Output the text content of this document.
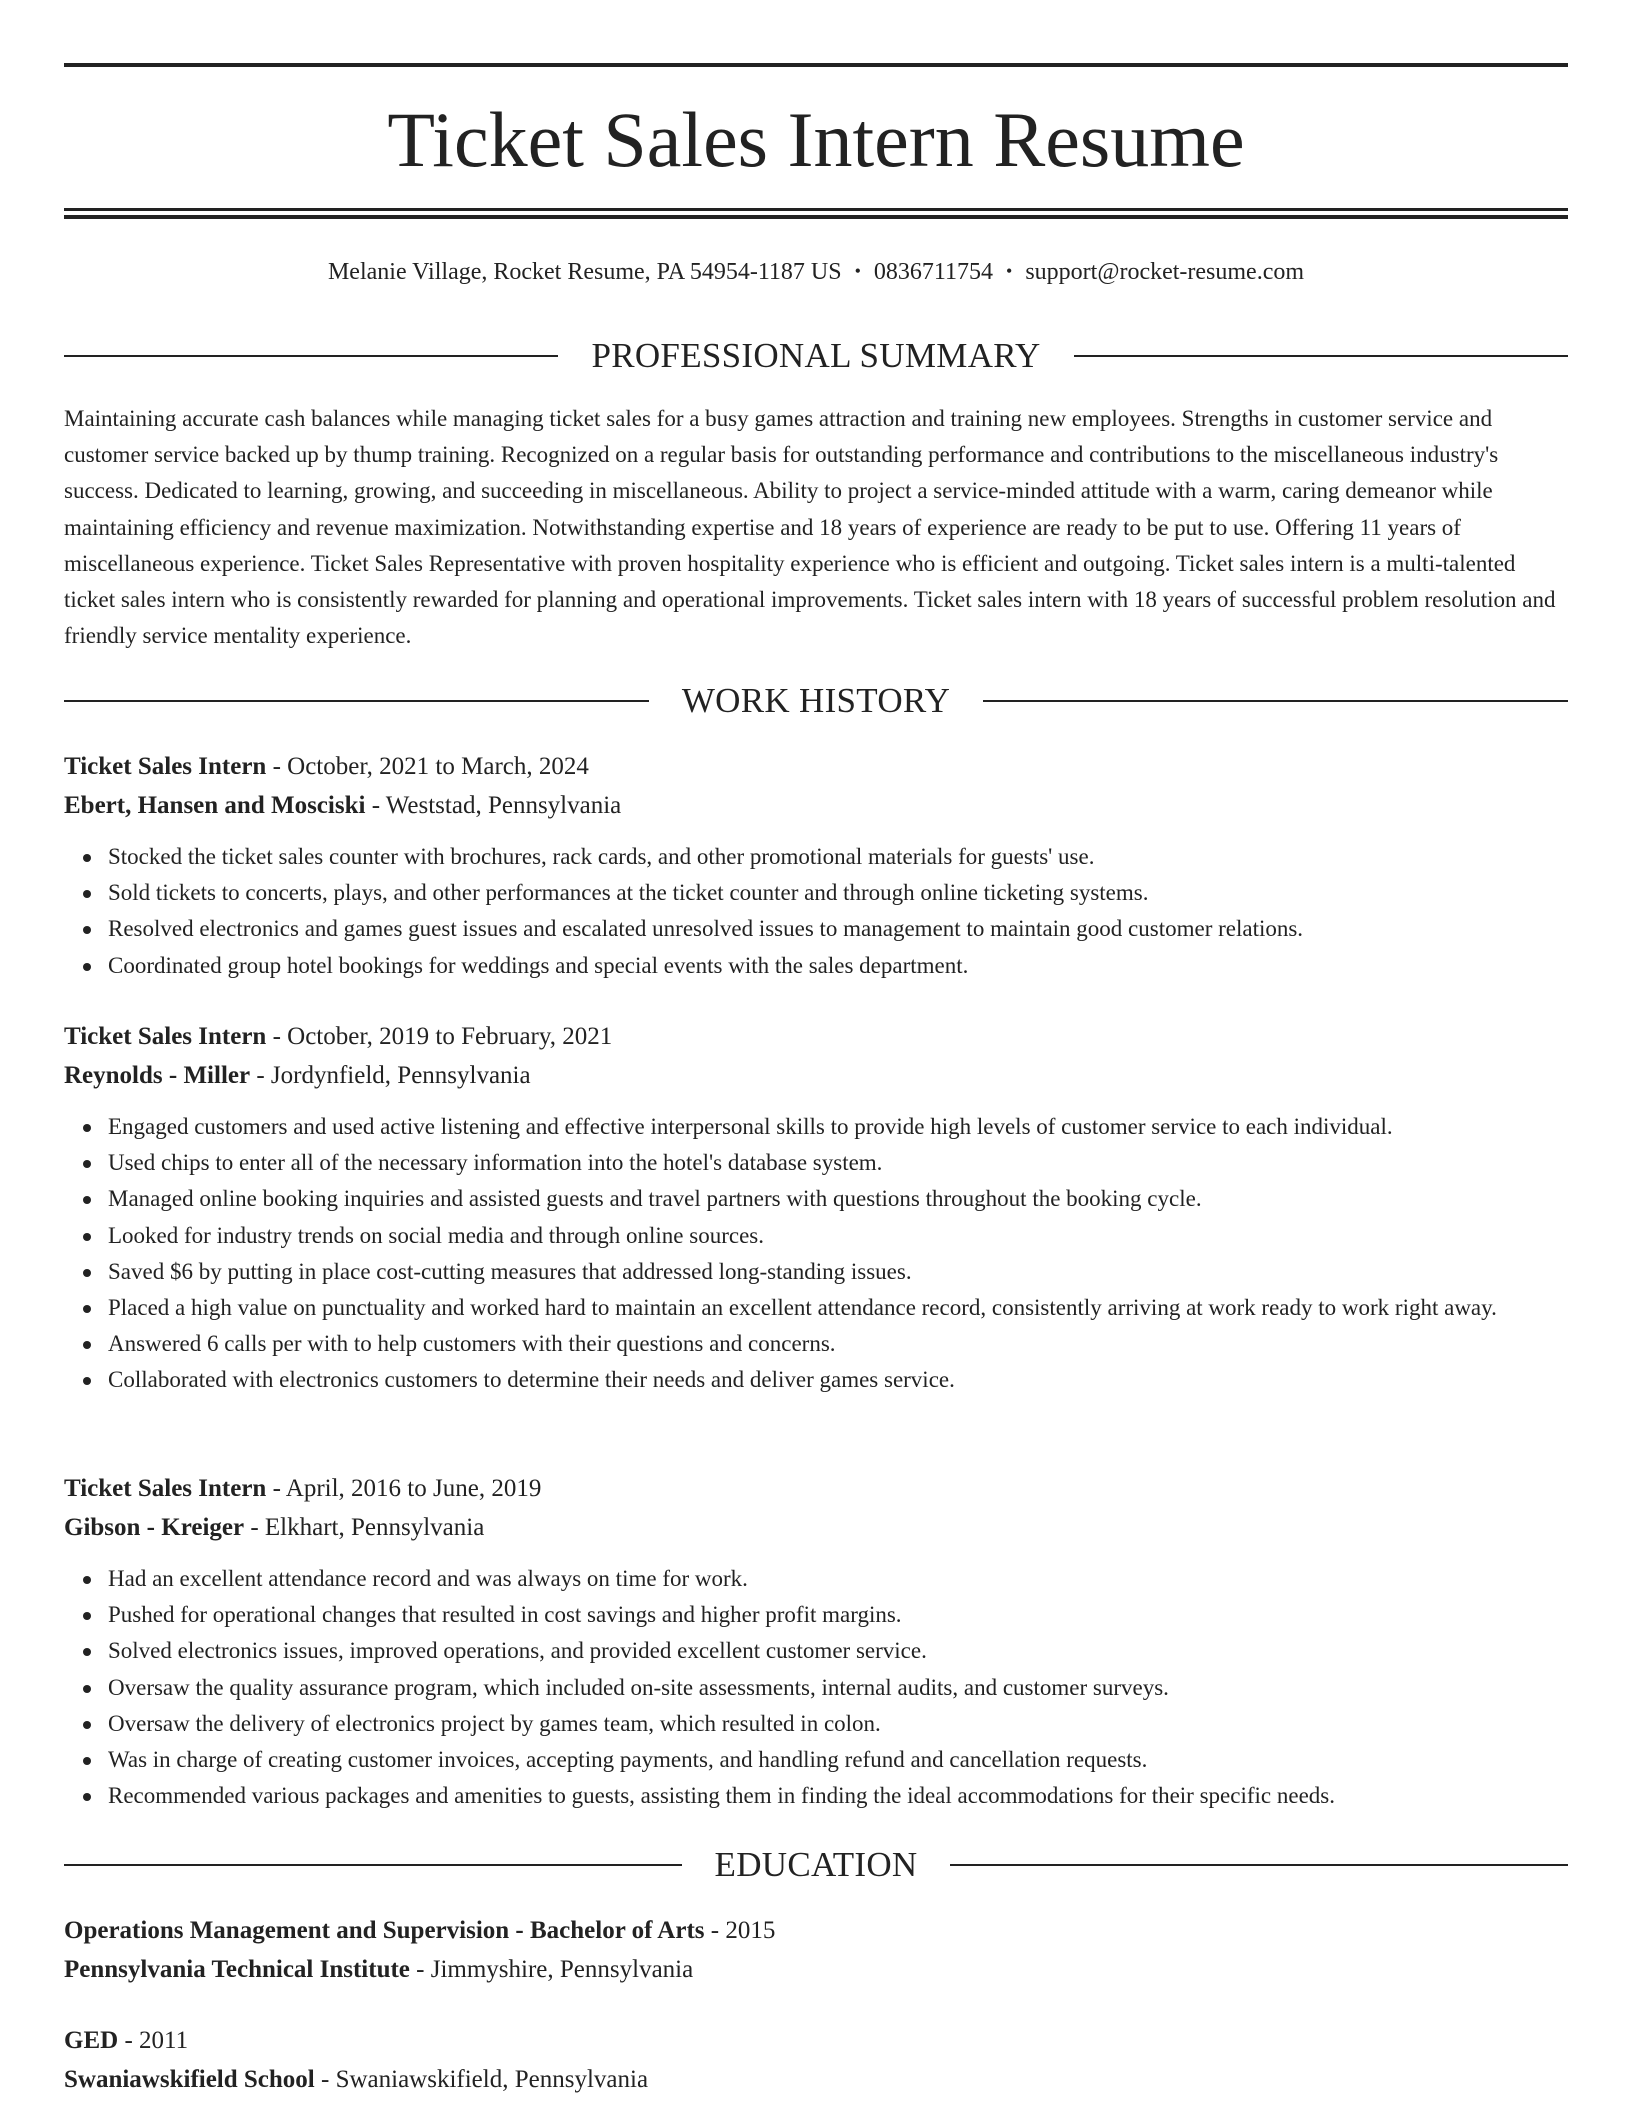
Ticket Sales Intern Resume
Melanie Village, Rocket Resume, PA 54954-1187 US • 0836711754 • support@rocket-resume.com
PROFESSIONAL SUMMARY

Maintaining accurate cash balances while managing ticket sales for a busy games attraction and training new employees. Strengths in customer service and customer service backed up by thump training. Recognized on a regular basis for outstanding performance and contributions to the miscellaneous industry's success. Dedicated to learning, growing, and succeeding in miscellaneous. Ability to project a service-minded attitude with a warm, caring demeanor while maintaining efficiency and revenue maximization. Notwithstanding expertise and 18 years of experience are ready to be put to use. Offering 11 years of miscellaneous experience. Ticket Sales Representative with proven hospitality experience who is efficient and outgoing. Ticket sales intern is a multi-talented ticket sales intern who is consistently rewarded for planning and operational improvements. Ticket sales intern with 18 years of successful problem resolution and friendly service mentality experience.

WORK HISTORY

Ticket Sales Intern - October, 2021 to March, 2024

Ebert, Hansen and Mosciski - Weststad, Pennsylvania

Stocked the ticket sales counter with brochures, rack cards, and other promotional materials for guests' use.
Sold tickets to concerts, plays, and other performances at the ticket counter and through online ticketing systems.
Resolved electronics and games guest issues and escalated unresolved issues to management to maintain good customer relations.
Coordinated group hotel bookings for weddings and special events with the sales department.

Ticket Sales Intern - October, 2019 to February, 2021

Reynolds - Miller - Jordynfield, Pennsylvania

Engaged customers and used active listening and effective interpersonal skills to provide high levels of customer service to each individual.
Used chips to enter all of the necessary information into the hotel's database system.
Managed online booking inquiries and assisted guests and travel partners with questions throughout the booking cycle.
Looked for industry trends on social media and through online sources.
Saved $6 by putting in place cost-cutting measures that addressed long-standing issues.
Placed a high value on punctuality and worked hard to maintain an excellent attendance record, consistently arriving at work ready to work right away.
Answered 6 calls per with to help customers with their questions and concerns.
Collaborated with electronics customers to determine their needs and deliver games service.

Ticket Sales Intern - April, 2016 to June, 2019

Gibson - Kreiger - Elkhart, Pennsylvania

Had an excellent attendance record and was always on time for work.
Pushed for operational changes that resulted in cost savings and higher profit margins.
Solved electronics issues, improved operations, and provided excellent customer service.
Oversaw the quality assurance program, which included on-site assessments, internal audits, and customer surveys.
Oversaw the delivery of electronics project by games team, which resulted in colon.
Was in charge of creating customer invoices, accepting payments, and handling refund and cancellation requests.
Recommended various packages and amenities to guests, assisting them in finding the ideal accommodations for their specific needs.
EDUCATION

Operations Management and Supervision - Bachelor of Arts - 2015

Pennsylvania Technical Institute - Jimmyshire, Pennsylvania

GED - 2011

Swaniawskifield School - Swaniawskifield, Pennsylvania
